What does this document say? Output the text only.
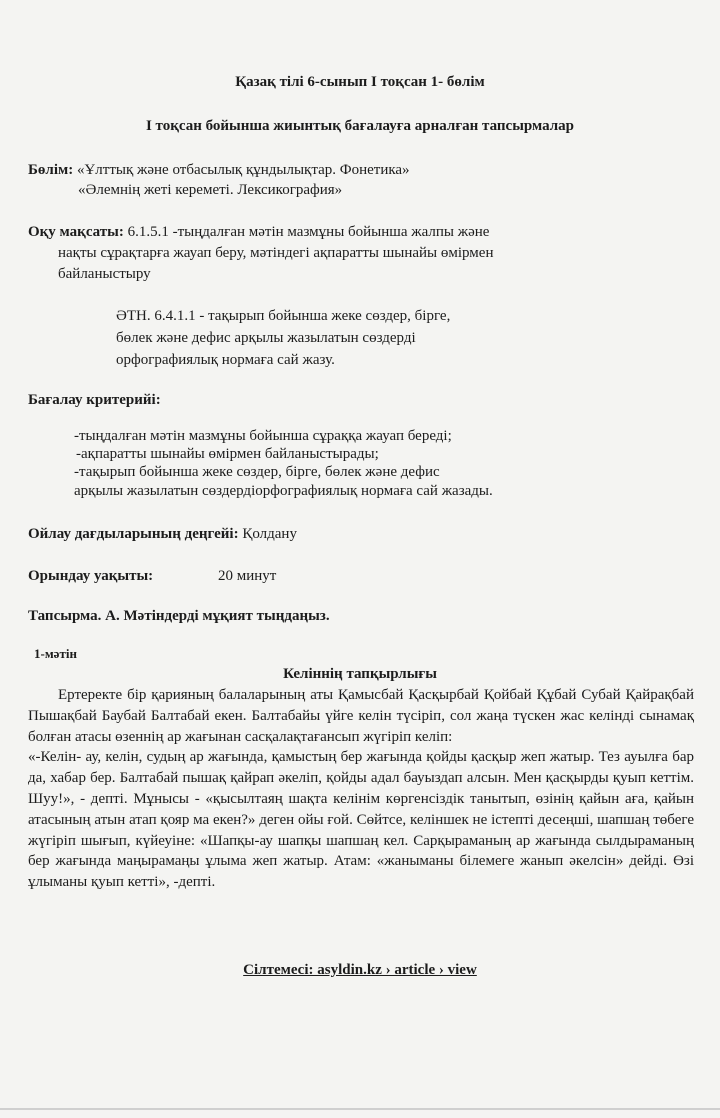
Қазақ тілі 6-сынып І тоқсан 1- бөлім
І тоқсан бойынша жиынтық бағалауға арналған тапсырмалар
Бөлім: «Ұлттық және отбасылық құндылықтар. Фонетика»
«Әлемнің жеті кереметі. Лексикография»
Оқу мақсаты: 6.1.5.1 -тыңдалған мәтін мазмұны бойынша жалпы және
нақты сұрақтарға жауап беру, мәтіндегі ақпаратты шынайы өмірмен
байланыстыру
ӘТН. 6.4.1.1 - тақырып бойынша жеке сөздер, бірге,
бөлек және дефис арқылы жазылатын сөздерді
орфографиялық нормаға сай жазу.
Бағалау критерийі:
-тыңдалған мәтін мазмұны бойынша сұраққа жауап береді;
-ақпаратты шынайы өмірмен байланыстырады;
-тақырып бойынша жеке сөздер, бірге, бөлек және дефис
арқылы жазылатын сөздердіорфографиялық нормаға сай жазады.
Ойлау дағдыларының деңгейі: Қолдану
Орындау уақыты:	20 минут
Тапсырма. А. Мәтіндерді мұқият тыңдаңыз.
1-мәтін
Келіннің тапқырлығы

Ертеректе бір қарияның балаларының аты Қамысбай Қасқырбай Қойбай Құбай Субай Қайрақбай Пышақбай Баубай Балтабай екен. Балтабайы үйге келін түсіріп, сол жаңа түскен жас келінді сынамақ болған атасы өзеннің ар жағынан сасқалақтағансып жүгіріп келіп:

«-Келін- ау, келін, судың ар жағында, қамыстың бер жағында қойды қасқыр жеп жатыр. Тез ауылға бар да, хабар бер. Балтабай пышақ қайрап әкеліп, қойды адал бауыздап алсын. Мен қасқырды қуып кеттім. Шуу!», - депті. Мұнысы - «қысылтаяң шақта келінім көргенсіздік танытып, өзінің қайын аға, қайын атасының атын атап қояр ма екен?» деген ойы ғой. Сөйтсе, келіншек не істепті десеңші, шапшаң төбеге жүгіріп шығып, күйеуіне: «Шапқы-ау шапқы шапшаң кел. Сарқыраманың ар жағында сылдыраманың бер жағында маңырамаңы ұлыма жеп жатыр. Атам: «жаныманы білемеге жанып әкелсін» дейді. Өзі ұлыманы қуып кетті», -депті.

Сілтемесі: asyldin.kz › article › view
